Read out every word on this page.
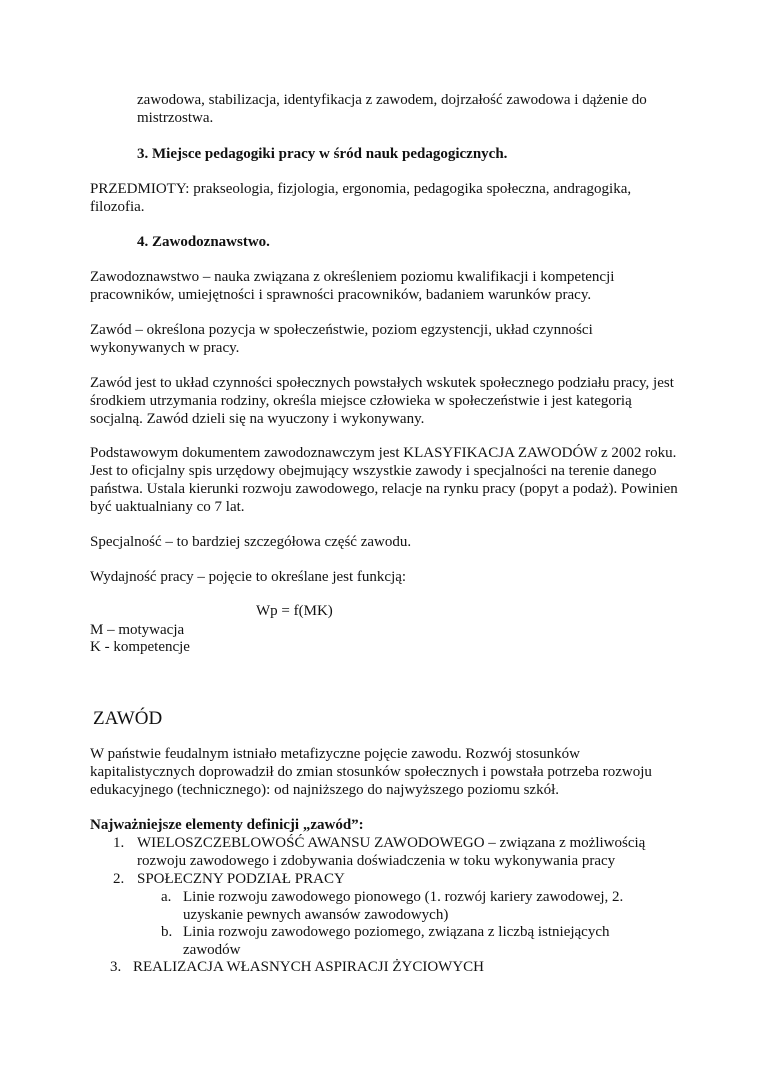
zawodowa, stabilizacja, identyfikacja z zawodem, dojrzałość zawodowa i dążenie do mistrzostwa.

3. Miejsce pedagogiki pracy w śród nauk pedagogicznych.

PRZEDMIOTY: prakseologia, fizjologia, ergonomia, pedagogika społeczna, andragogika, filozofia.

4. Zawodoznawstwo.

Zawodoznawstwo – nauka związana z określeniem poziomu kwalifikacji i kompetencji pracowników, umiejętności i sprawności pracowników, badaniem warunków pracy.

Zawód – określona pozycja w społeczeństwie, poziom egzystencji, układ czynności wykonywanych w pracy.

Zawód jest to układ czynności społecznych powstałych wskutek społecznego podziału pracy, jest środkiem utrzymania rodziny, określa miejsce człowieka w społeczeństwie i jest kategorią socjalną. Zawód dzieli się na wyuczony i wykonywany.

Podstawowym dokumentem zawodoznawczym jest KLASYFIKACJA ZAWODÓW z 2002 roku. Jest to oficjalny spis urzędowy obejmujący wszystkie zawody i specjalności na terenie danego państwa. Ustala kierunki rozwoju zawodowego, relacje na rynku pracy (popyt a podaż). Powinien być uaktualniany co 7 lat.

Specjalność – to bardziej szczegółowa część zawodu.

Wydajność pracy – pojęcie to określane jest funkcją:

Wp = f(MK)

M – motywacja

K - kompetencje

ZAWÓD

W państwie feudalnym istniało metafizyczne pojęcie zawodu. Rozwój stosunków kapitalistycznych doprowadził do zmian stosunków społecznych i powstała potrzeba rozwoju edukacyjnego (technicznego): od najniższego do najwyższego poziomu szkół.

Najważniejsze elementy definicji „zawód”:

1. WIELOSZCZEBLOWOŚĆ AWANSU ZAWODOWEGO – związana z możliwością rozwoju zawodowego i zdobywania doświadczenia w toku wykonywania pracy

2. SPOŁECZNY PODZIAŁ PRACY

a. Linie rozwoju zawodowego pionowego (1. rozwój kariery zawodowej, 2. uzyskanie pewnych awansów zawodowych)

b. Linia rozwoju zawodowego poziomego, związana z liczbą istniejących zawodów

3. REALIZACJA WŁASNYCH ASPIRACJI ŻYCIOWYCH
